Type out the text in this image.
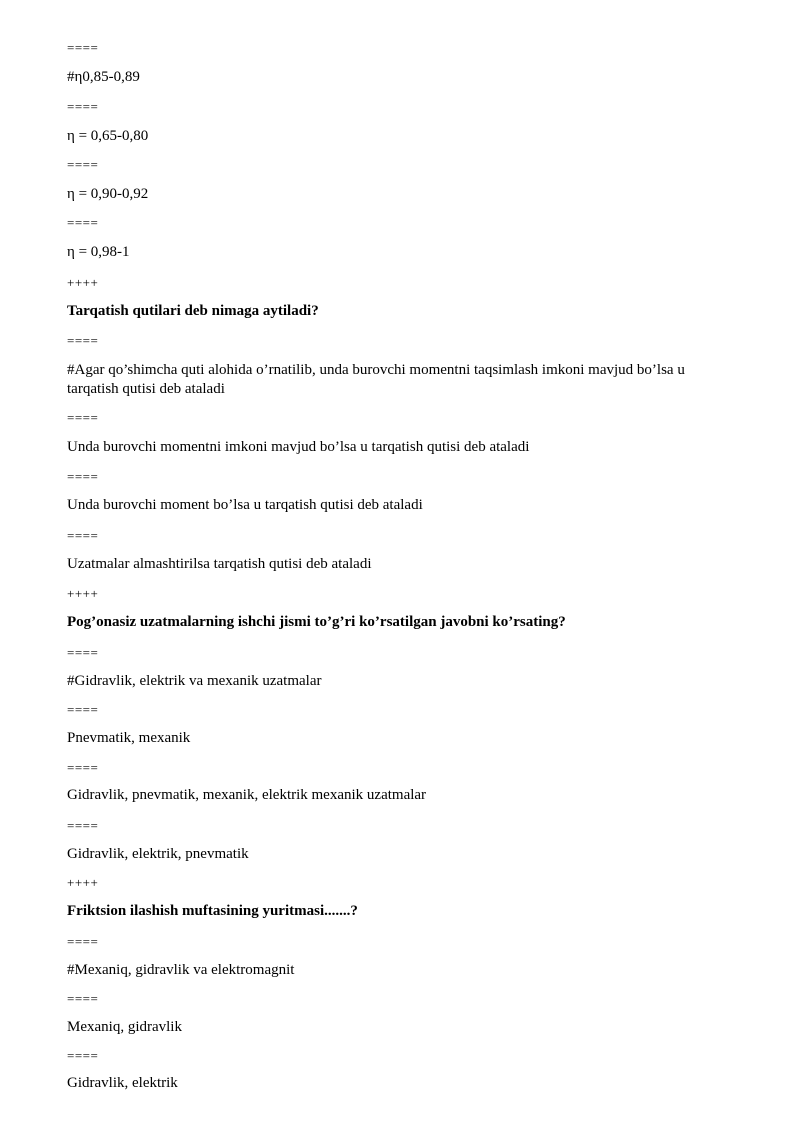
====
#η0,85-0,89
====
η = 0,65-0,80
====
η = 0,90-0,92
====
η = 0,98-1
++++
Tarqatish qutilari deb nimaga aytiladi?
====
#Agar qo’shimcha quti alohida o’rnatilib, unda burovchi momentni taqsimlash imkoni mavjud bo’lsa u tarqatish qutisi deb ataladi
====
Unda burovchi momentni imkoni mavjud bo’lsa u tarqatish qutisi deb ataladi
====
Unda burovchi moment bo’lsa u tarqatish qutisi deb ataladi
====
Uzatmalar almashtirilsa tarqatish qutisi deb ataladi
++++
Pog’onasiz uzatmalarning ishchi jismi to’g’ri ko’rsatilgan javobni ko’rsating?
====
#Gidravlik, elektrik va mexanik uzatmalar
====
Pnevmatik, mexanik
====
Gidravlik, pnevmatik, mexanik, elektrik mexanik uzatmalar
====
Gidravlik, elektrik, pnevmatik
++++
Friktsion ilashish muftasining yuritmasi.......?
====
#Mexaniq, gidravlik va elektromagnit
====
Mexaniq, gidravlik
====
Gidravlik, elektrik
